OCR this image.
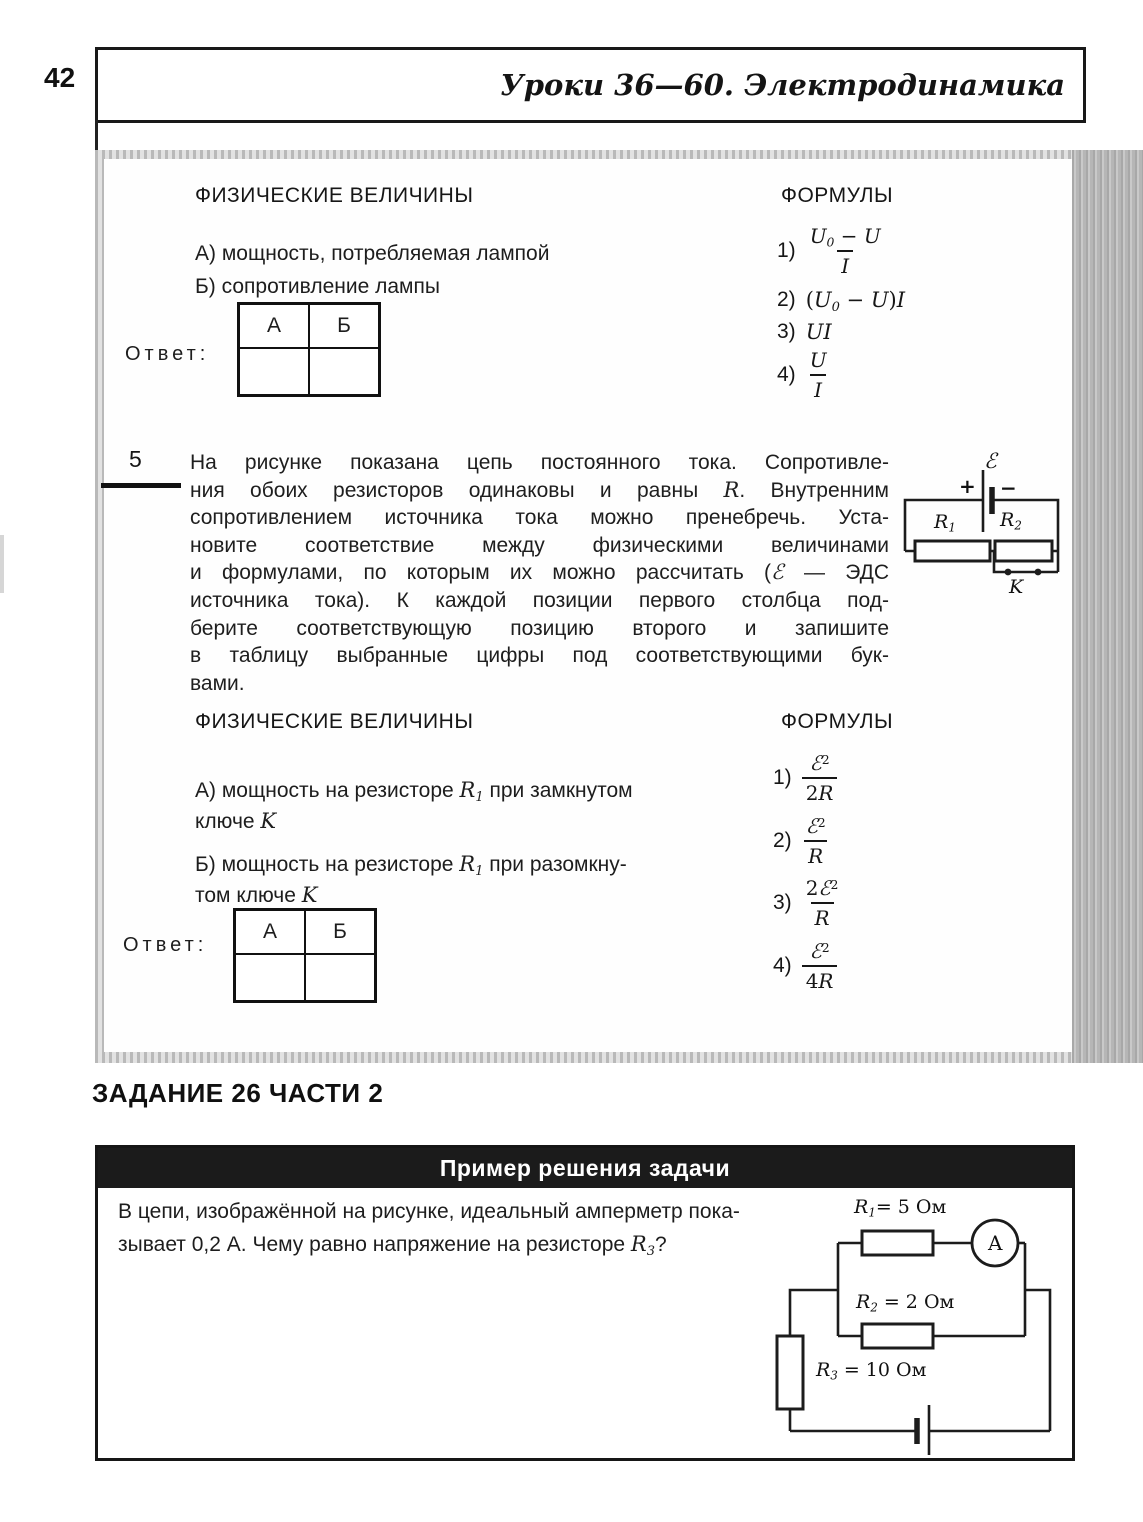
42	Уроки 36—60. Электродинамика
ФИЗИЧЕСКИЕ ВЕЛИЧИНЫ	ФОРМУЛЫ
А) мощность, потребляемая лампой
Б) сопротивление лампы
$1) \frac{U_0 - U}{I}$
2) $(U_0 - U)I$
3) UI
$4) \frac{U}{I}$
Ответ:
А	Б
5 На рисунке показана цепь постоянного тока. Сопротивле-
ния обоих резисторов одинаковы и равны R. Внутренним
сопротивлением источника тока можно пренебречь. Уста-
новите соответствие между физическими величинами
и формулами, по которым их можно рассчитать (ℰ — ЭДС
источника тока). К каждой позиции первого столбца под-
берите соответствующую позицию второго и запишите
в таблицу выбранные цифры под соответствующими бук-
вами.
ℰ
+ −
$R_1$ $R_2$
K
ФИЗИЧЕСКИЕ ВЕЛИЧИНЫ	ФОРМУЛЫ
А) мощность на резисторе $R_1$ при замкнутом
ключе K
Б) мощность на резисторе $R_1$ при разомкну-
том ключе K
$1) \frac{ℰ^2}{2R}$
$2) \frac{ℰ^2}{R}$
$3) \frac{2ℰ^2}{R}$
$4) \frac{ℰ^2}{4R}$
Ответ:
А	Б
ЗАДАНИЕ 26 ЧАСТИ 2
Пример решения задачи
В цепи, изображённой на рисунке, идеальный амперметр пока-
зывает 0,2 А. Чему равно напряжение на резисторе $R_3$?
$R_1= 5$ Ом
$R_2 = 2$ Ом
$R_3 = 10$ Ом
A
